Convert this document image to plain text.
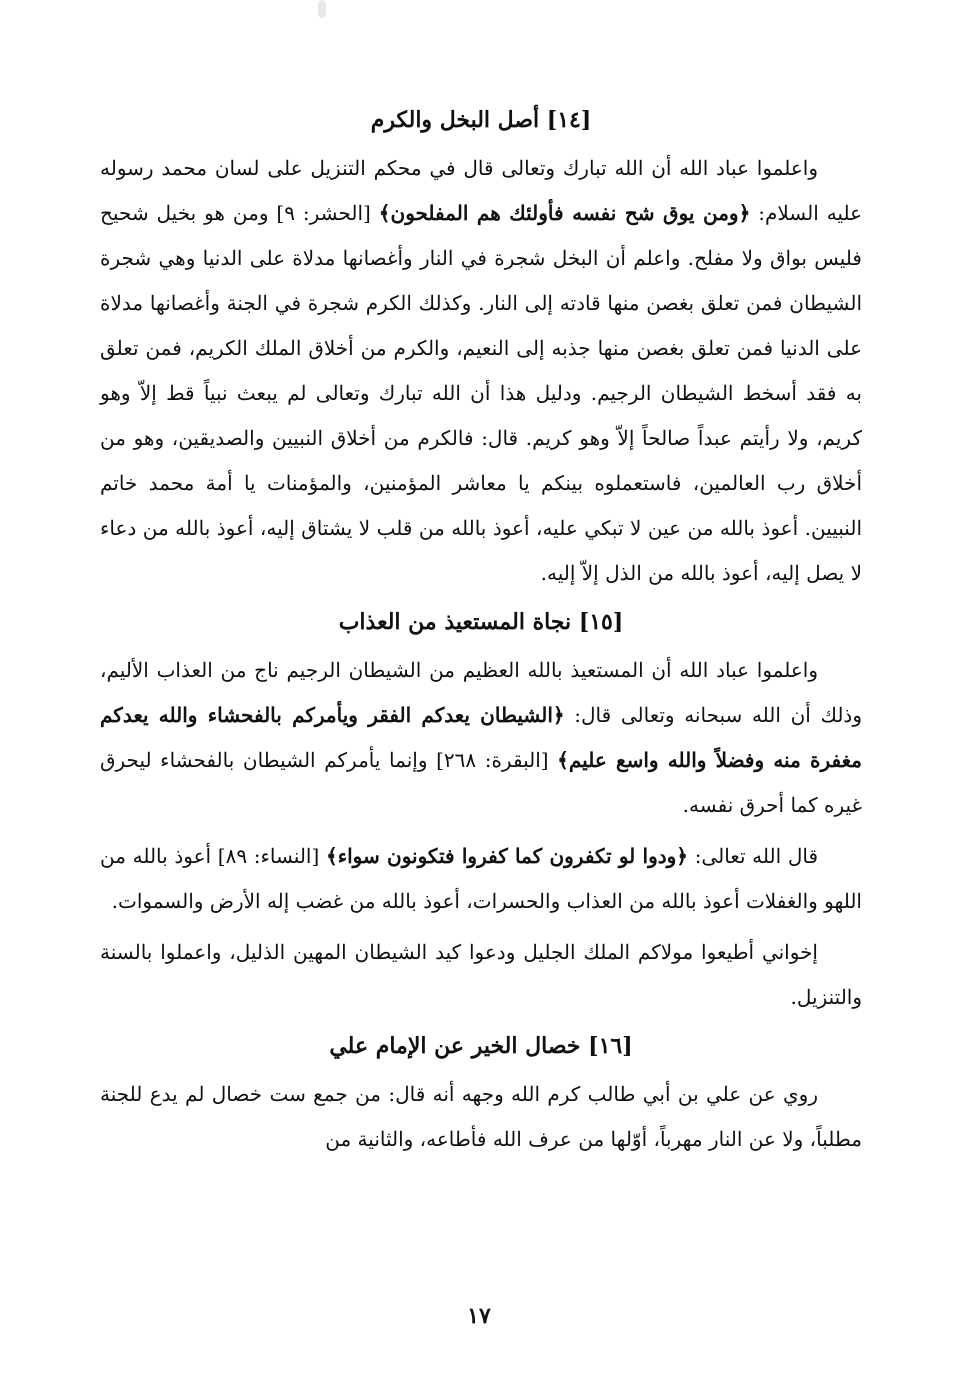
[١٤] أصل البخل والكرم

واعلموا عباد الله أن الله تبارك وتعالى قال في محكم التنزيل على لسان محمد رسوله عليه السلام: ﴿ومن يوق شح نفسه فأولئك هم المفلحون﴾ [الحشر: ٩] ومن هو بخيل شحيح فليس بواق ولا مفلح. واعلم أن البخل شجرة في النار وأغصانها مدلاة على الدنيا وهي شجرة الشيطان فمن تعلق بغصن منها قادته إلى النار. وكذلك الكرم شجرة في الجنة وأغصانها مدلاة على الدنيا فمن تعلق بغصن منها جذبه إلى النعيم، والكرم من أخلاق الملك الكريم، فمن تعلق به فقد أسخط الشيطان الرجيم. ودليل هذا أن الله تبارك وتعالى لم يبعث نبياً قط إلاّ وهو كريم، ولا رأيتم عبداً صالحاً إلاّ وهو كريم. قال: فالكرم من أخلاق النبيين والصديقين، وهو من أخلاق رب العالمين، فاستعملوه بينكم يا معاشر المؤمنين، والمؤمنات يا أمة محمد خاتم النبيين. أعوذ بالله من عين لا تبكي عليه، أعوذ بالله من قلب لا يشتاق إليه، أعوذ بالله من دعاء لا يصل إليه، أعوذ بالله من الذل إلاّ إليه.

[١٥] نجاة المستعيذ من العذاب

واعلموا عباد الله أن المستعيذ بالله العظيم من الشيطان الرجيم ناج من العذاب الأليم، وذلك أن الله سبحانه وتعالى قال: ﴿الشيطان يعدكم الفقر ويأمركم بالفحشاء والله يعدكم مغفرة منه وفضلاً والله واسع عليم﴾ [البقرة: ٢٦٨] وإنما يأمركم الشيطان بالفحشاء ليحرق غيره كما أحرق نفسه.

قال الله تعالى: ﴿ودوا لو تكفرون كما كفروا فتكونون سواء﴾ [النساء: ٨٩] أعوذ بالله من اللهو والغفلات أعوذ بالله من العذاب والحسرات، أعوذ بالله من غضب إله الأرض والسموات.

إخواني أطيعوا مولاكم الملك الجليل ودعوا كيد الشيطان المهين الذليل، واعملوا بالسنة والتنزيل.

[١٦] خصال الخير عن الإمام علي

روي عن علي بن أبي طالب كرم الله وجهه أنه قال: من جمع ست خصال لم يدع للجنة مطلباً، ولا عن النار مهرباً، أوّلها من عرف الله فأطاعه، والثانية من

١٧
